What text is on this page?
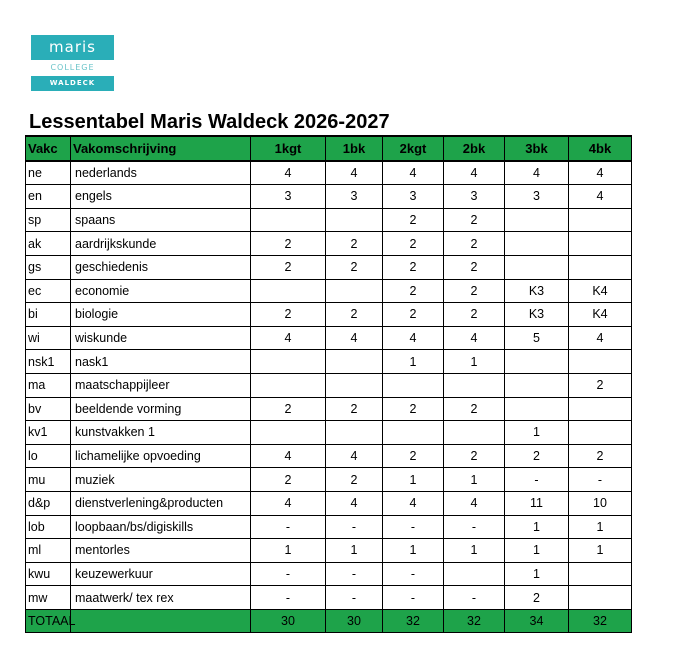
maris
COLLEGE
WALDECK
Lessentabel Maris Waldeck 2026-2027
Vakc	Vakomschrijving	1kgt	1bk	2kgt	2bk	3bk	4bk
ne	nederlands	4	4	4	4	4	4
en	engels	3	3	3	3	3	4
sp	spaans			2	2		
ak	aardrijkskunde	2	2	2	2		
gs	geschiedenis	2	2	2	2		
ec	economie			2	2	K3	K4
bi	biologie	2	2	2	2	K3	K4
wi	wiskunde	4	4	4	4	5	4
nsk1	nask1			1	1		
ma	maatschappijleer						2
bv	beeldende vorming	2	2	2	2		
kv1	kunstvakken 1					1	
lo	lichamelijke opvoeding	4	4	2	2	2	2
mu	muziek	2	2	1	1	-	-
d&p	dienstverlening&producten	4	4	4	4	11	10
lob	loopbaan/bs/digiskills	-	-	-	-	1	1
ml	mentorles	1	1	1	1	1	1
kwu	keuzewerkuur	-	-	-		1	
mw	maatwerk/ tex rex	-	-	-	-	2	
TOTAAL		30	30	32	32	34	32
